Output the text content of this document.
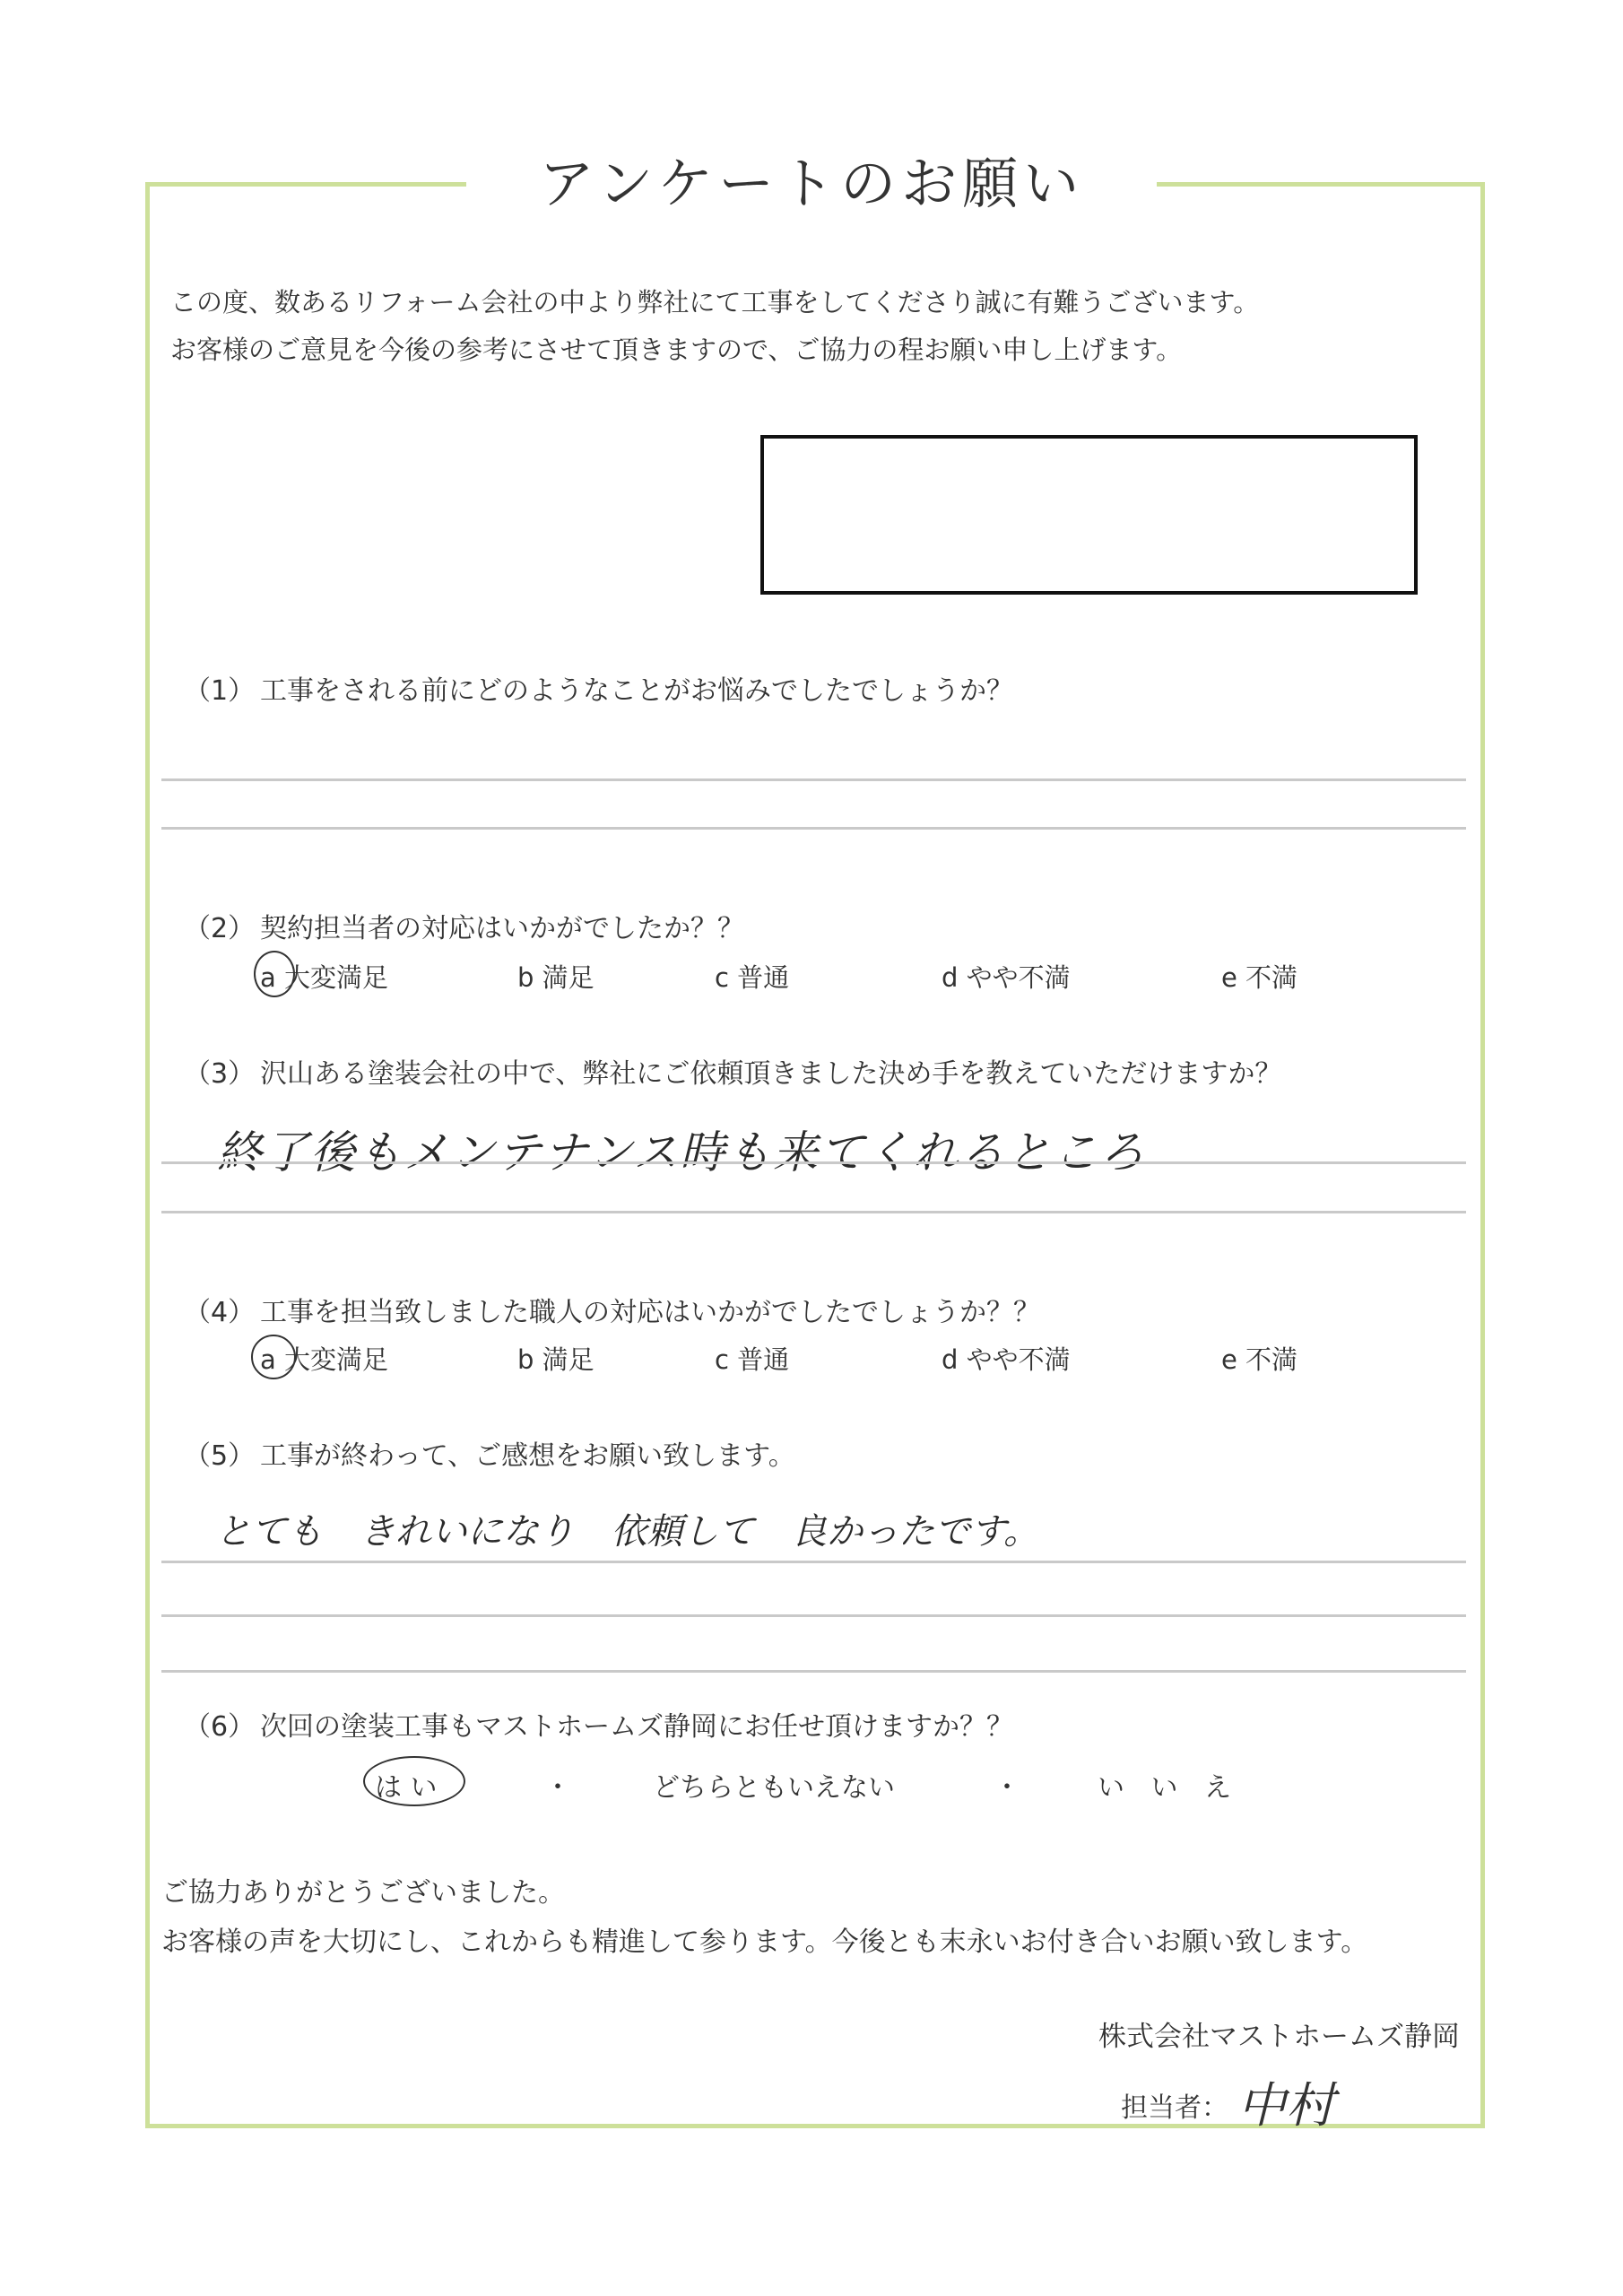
アンケートのお願い
この度、数あるリフォーム会社の中より弊社にて工事をしてくださり誠に有難うございます。
お客様のご意見を今後の参考にさせて頂きますので、ご協力の程お願い申し上げます。
（1） 工事をされる前にどのようなことがお悩みでしたでしょうか？
（2） 契約担当者の対応はいかがでしたか？？
a 大変満足	b 満足	c 普通	d やや不満	e 不満
（3） 沢山ある塗装会社の中で、弊社にご依頼頂きました決め手を教えていただけますか？
終了後もメンテナンス時も来てくれるところ
（4） 工事を担当致しました職人の対応はいかがでしたでしょうか？？
a 大変満足	b 満足	c 普通	d やや不満	e 不満
（5） 工事が終わって、ご感想をお願い致します。
とても きれいになり 依頼して 良かったです。
（6） 次回の塗装工事もマストホームズ静岡にお任せ頂けますか？？
は い	・	どちらともいえない	・	い い え
ご協力ありがとうございました。
お客様の声を大切にし、これからも精進して参ります。今後とも末永いお付き合いお願い致します。
株式会社マストホームズ静岡
担当者： 中村
